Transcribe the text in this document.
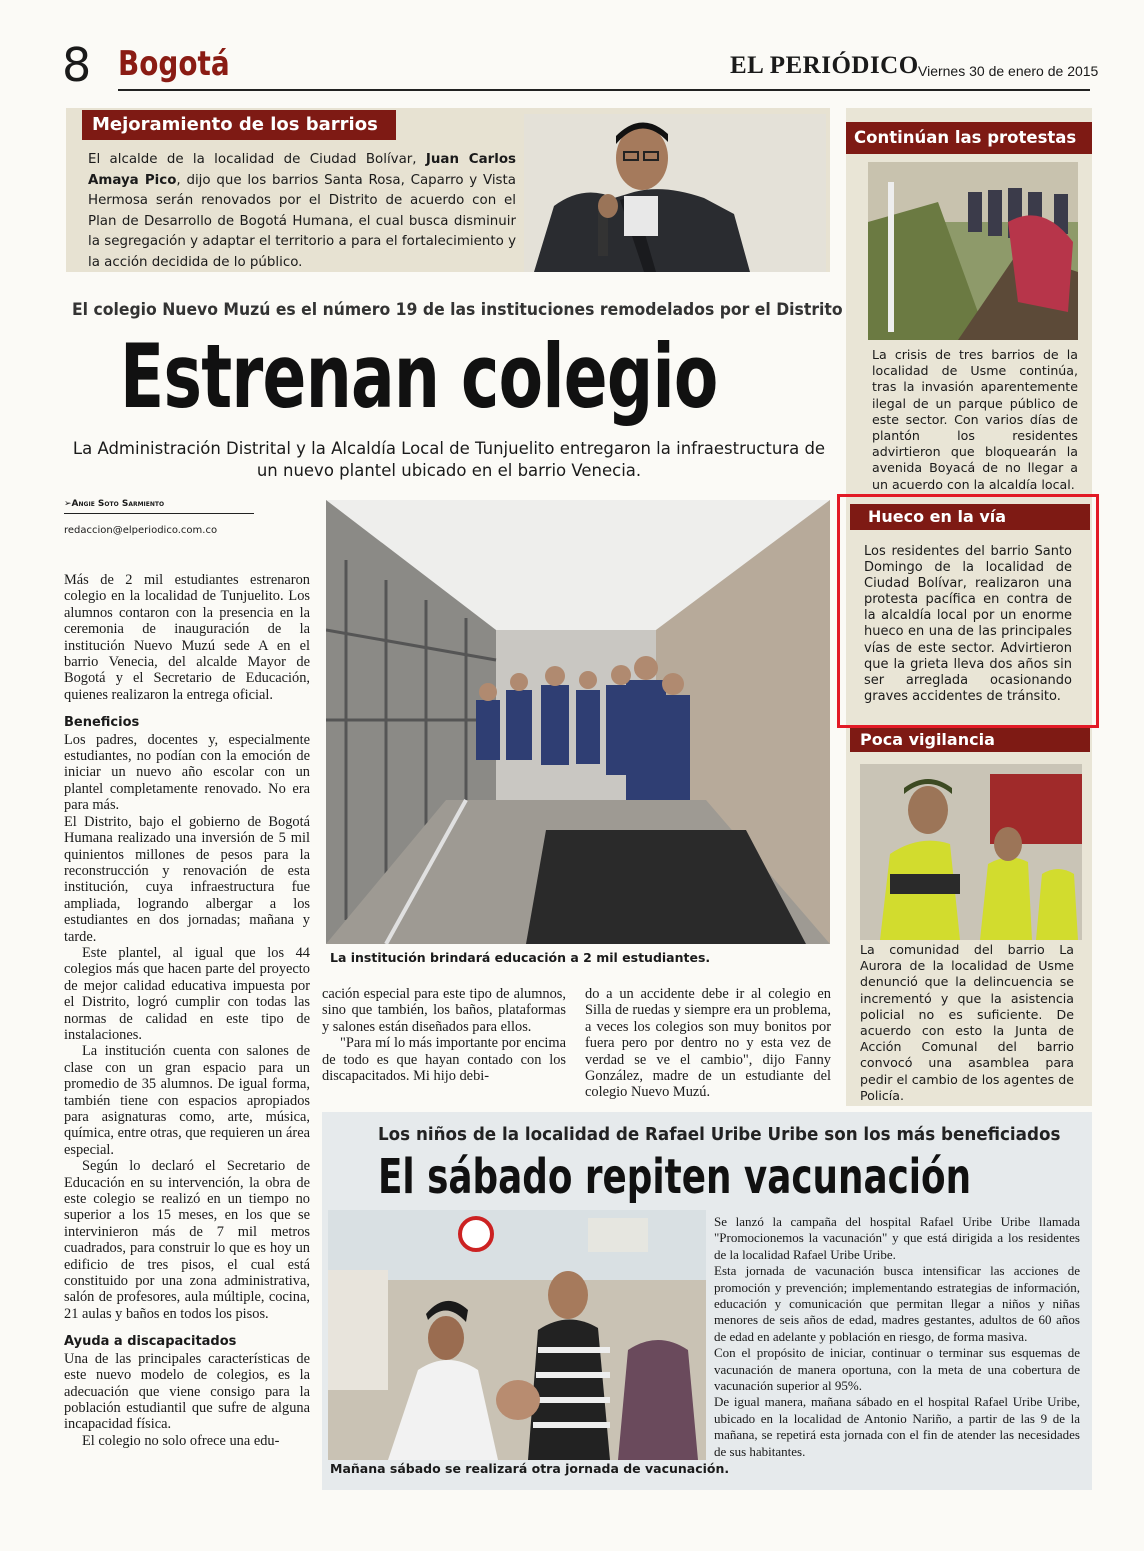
8 Bogotá	EL PERIÓDICO Viernes 30 de enero de 2015
Mejoramiento de los barrios
El alcalde de la localidad de Ciudad Bolívar, Juan Carlos Amaya Pico, dijo que los barrios Santa Rosa, Caparro y Vista Hermosa serán renovados por el Distrito de acuerdo con el Plan de Desarrollo de Bogotá Humana, el cual busca disminuir la segregación y adaptar el territorio a para el fortalecimiento y la acción decidida de lo público.
El colegio Nuevo Muzú es el número 19 de las instituciones remodelados por el Distrito
Estrenan colegio
La Administración Distrital y la Alcaldía Local de Tunjuelito entregaron la infraestructura de un nuevo plantel ubicado en el barrio Venecia.
➢Angie Soto Sarmiento
redaccion@elperiodico.com.co

Más de 2 mil estudiantes estrenaron colegio en la localidad de Tunjuelito. Los alumnos contaron con la presencia en la ceremonia de inauguración de la institución Nuevo Muzú sede A en el barrio Venecia, del alcalde Mayor de Bogotá y el Secretario de Educación, quienes realizaron la entrega oficial.

Beneficios

Los padres, docentes y, especialmente estudiantes, no podían con la emoción de iniciar un nuevo año escolar con un plantel completamente renovado. No era para más.

El Distrito, bajo el gobierno de Bogotá Humana realizado una inversión de 5 mil quinientos millones de pesos para la reconstrucción y renovación de esta institución, cuya infraestructura fue ampliada, logrando albergar a los estudiantes en dos jornadas; mañana y tarde.

Este plantel, al igual que los 44 colegios más que hacen parte del proyecto de mejor calidad educativa impuesta por el Distrito, logró cumplir con todas las normas de calidad en este tipo de instalaciones.

La institución cuenta con salones de clase con un gran espacio para un promedio de 35 alumnos. De igual forma, también tiene con espacios apropiados para asignaturas como, arte, música, química, entre otras, que requieren un área especial.

Según lo declaró el Secretario de Educación en su intervención, la obra de este colegio se realizó en un tiempo no superior a los 15 meses, en los que se intervinieron más de 7 mil metros cuadrados, para construir lo que es hoy un edificio de tres pisos, el cual está constituido por una zona administrativa, salón de profesores, aula múltiple, cocina, 21 aulas y baños en todos los pisos.

Ayuda a discapacitados

Una de las principales características de este nuevo modelo de colegios, es la adecuación que viene consigo para la población estudiantil que sufre de alguna incapacidad física.

El colegio no solo ofrece una edu-

La institución brindará educación a 2 mil estudiantes.

cación especial para este tipo de alumnos, sino que también, los baños, plataformas y salones están diseñados para ellos.

"Para mí lo más importante por encima de todo es que hayan contado con los discapacitados. Mi hijo debi-

do a un accidente debe ir al colegio en Silla de ruedas y siempre era un problema, a veces los colegios son muy bonitos por fuera pero por dentro no y esta vez de verdad se ve el cambio", dijo Fanny González, madre de un estudiante del colegio Nuevo Muzú.

Continúan las protestas
La crisis de tres barrios de la localidad de Usme continúa, tras la invasión aparentemente ilegal de un parque público de este sector. Con varios días de plantón los residentes advirtieron que bloquearán la avenida Boyacá de no llegar a un acuerdo con la alcaldía local.
Hueco en la vía
Los residentes del barrio Santo Domingo de la localidad de Ciudad Bolívar, realizaron una protesta pacífica en contra de la alcaldía local por un enorme hueco en una de las principales vías de este sector. Advirtieron que la grieta lleva dos años sin ser arreglada ocasionando graves accidentes de tránsito.
Poca vigilancia
La comunidad del barrio La Aurora de la localidad de Usme denunció que la delincuencia se incrementó y que la asistencia policial no es suficiente. De acuerdo con esto la Junta de Acción Comunal del barrio convocó una asamblea para pedir el cambio de los agentes de Policía.
Los niños de la localidad de Rafael Uribe Uribe son los más beneficiados
El sábado repiten vacunación
Mañana sábado se realizará otra jornada de vacunación.

Se lanzó la campaña del hospital Rafael Uribe Uribe llamada "Promocionemos la vacunación" y que está dirigida a los residentes de la localidad Rafael Uribe Uribe.

Esta jornada de vacunación busca intensificar las acciones de promoción y prevención; implementando estrategias de información, educación y comunicación que permitan llegar a niños y niñas menores de seis años de edad, madres gestantes, adultos de 60 años de edad en adelante y población en riesgo, de forma masiva.

Con el propósito de iniciar, continuar o terminar sus esquemas de vacunación de manera oportuna, con la meta de una cobertura de vacunación superior al 95%.

De igual manera, mañana sábado en el hospital Rafael Uribe Uribe, ubicado en la localidad de Antonio Nariño, a partir de las 9 de la mañana, se repetirá esta jornada con el fin de atender las necesidades de sus habitantes.
